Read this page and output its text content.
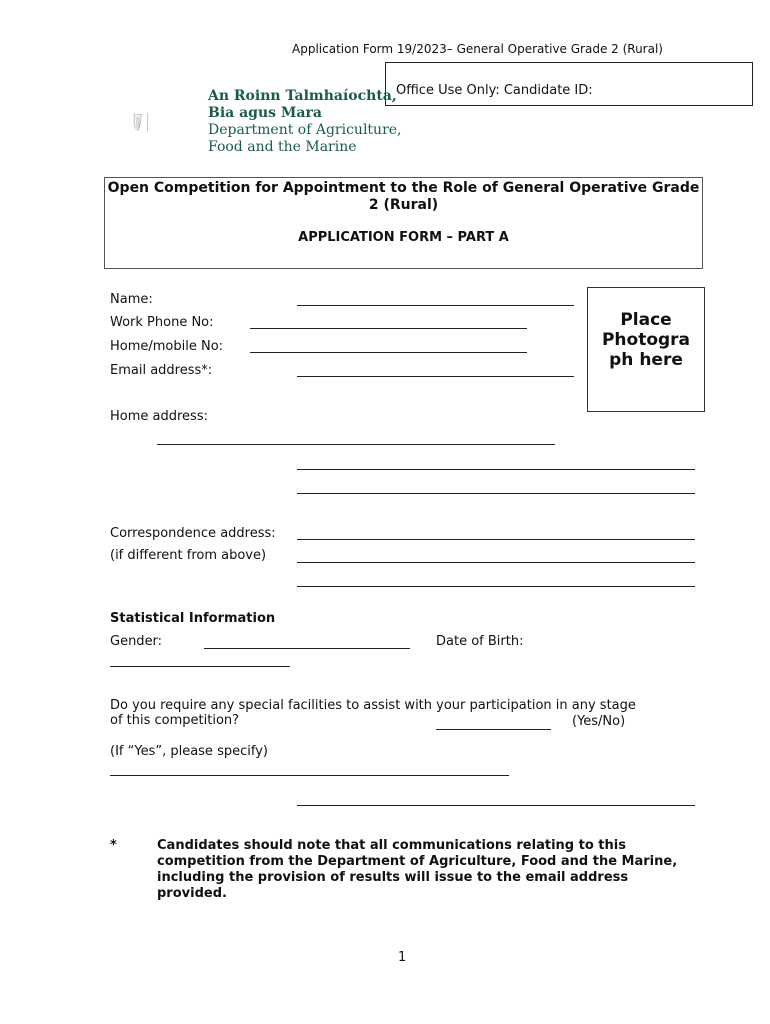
Application Form 19/2023– General Operative Grade 2 (Rural)
Office Use Only: Candidate ID:
An Roinn Talmhaíochta,
Bia agus Mara
Department of Agriculture,
Food and the Marine
Open Competition for Appointment to the Role of General Operative Grade 2 (Rural)
APPLICATION FORM – PART A
Place
Photogra
ph here
Name:
Work Phone No:
Home/mobile No:
Email address*:
Home address:
Correspondence address:
(if different from above)
Statistical Information
Gender:	Date of Birth:
Do you require any special facilities to assist with your participation in any stage
of this competition?	(Yes/No)
(If “Yes”, please specify)
*	Candidates should note that all communications relating to this competition from the Department of Agriculture, Food and the Marine, including the provision of results will issue to the email address provided.
1
